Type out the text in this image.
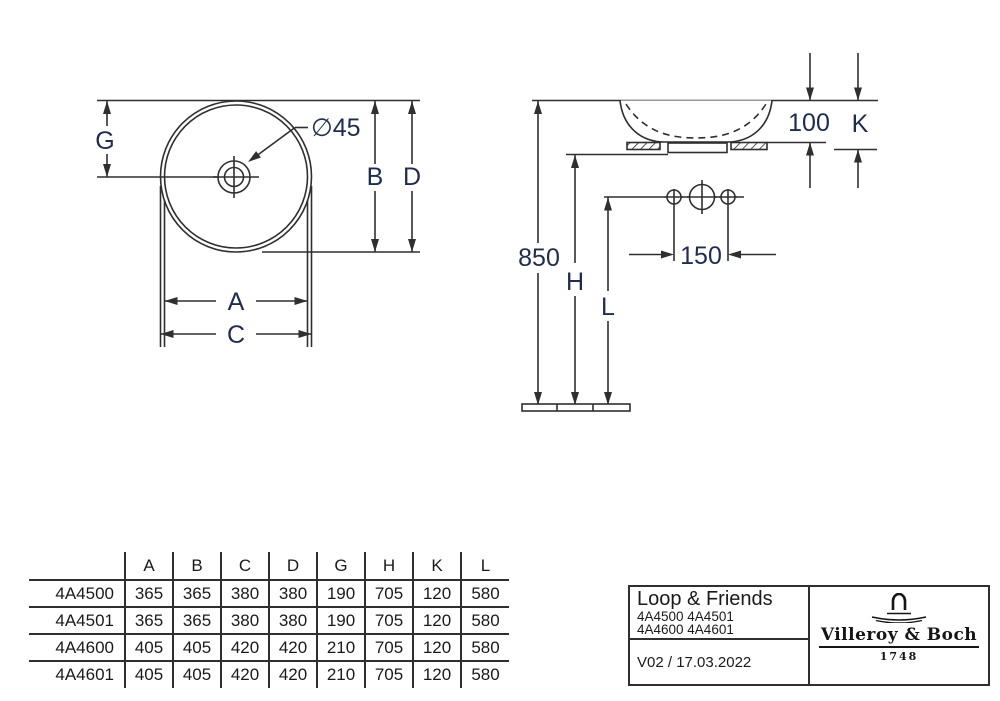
G	∅45
B D
A
C
150
850
H
L
100 K
	A	B	C	D	G	H	K	L
4A4500	365	365	380	380	190	705	120	580
4A4501	365	365	380	380	190	705	120	580
4A4600	405	405	420	420	210	705	120	580
4A4601	405	405	420	420	210	705	120	580
Loop & Friends
4A4500 4A4501
4A4600 4A4601
V02 / 17.03.2022
Villeroy & Boch
1748
